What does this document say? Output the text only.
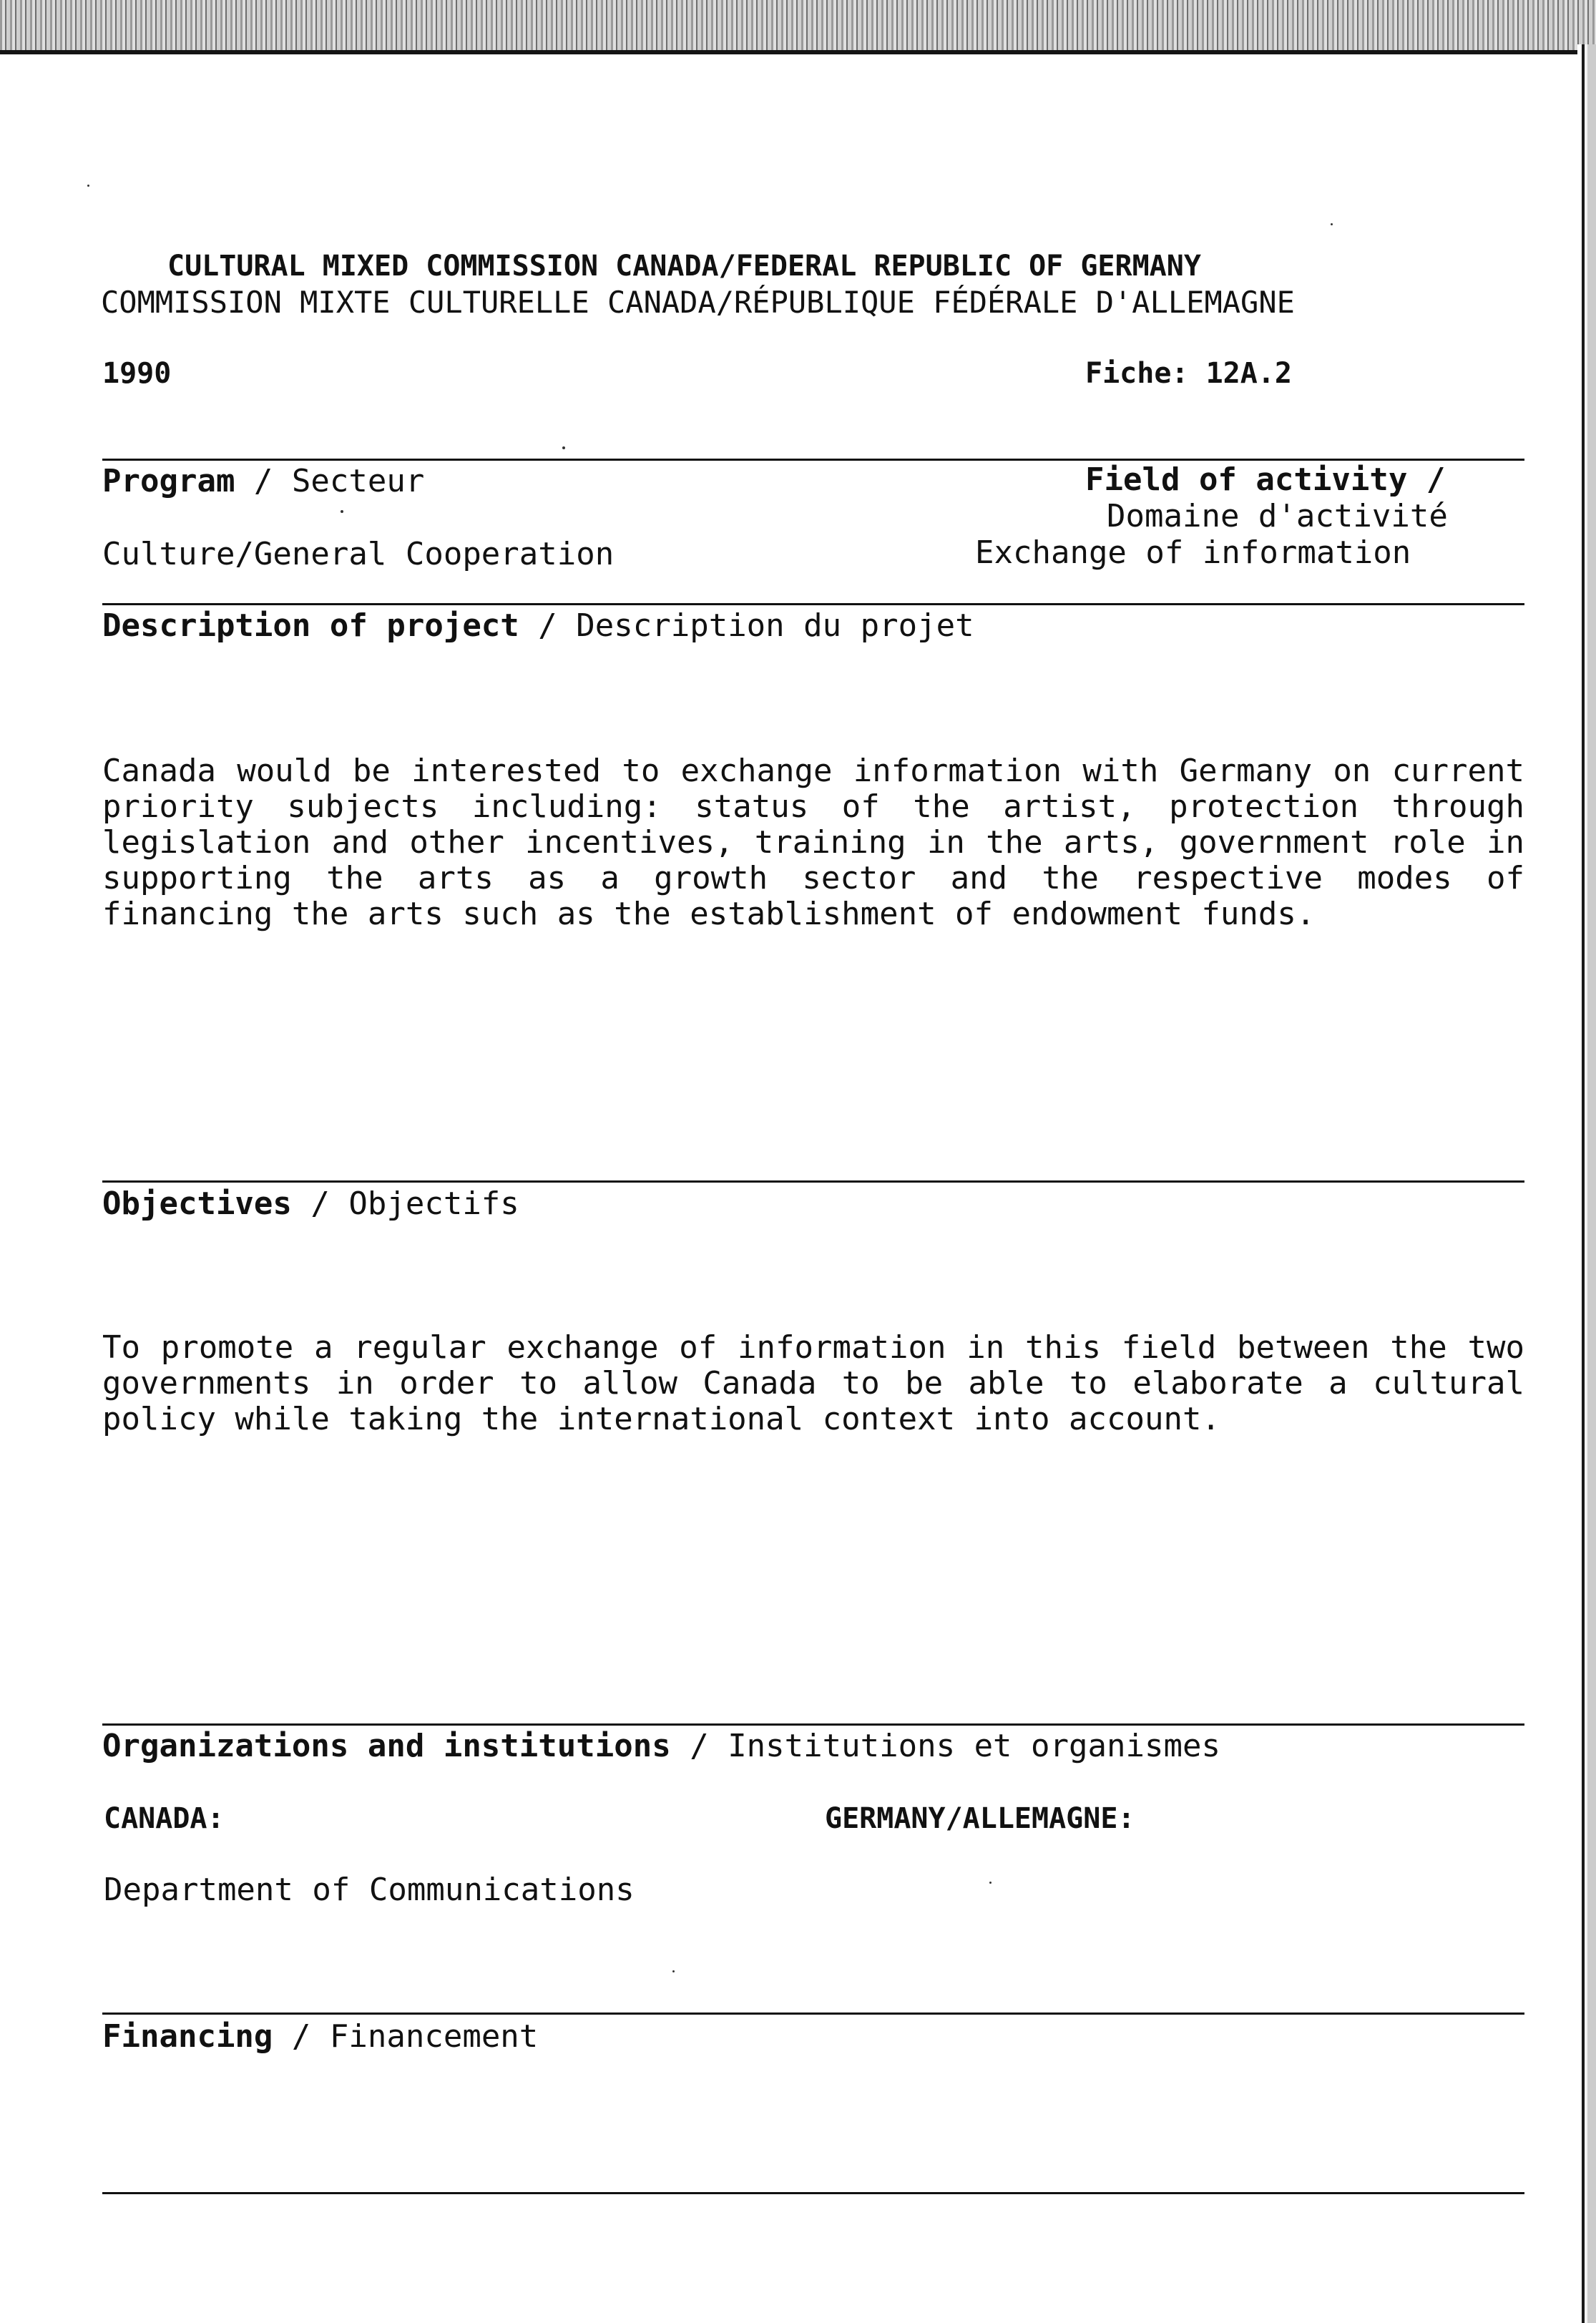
CULTURAL MIXED COMMISSION CANADA/FEDERAL REPUBLIC OF GERMANY
COMMISSION MIXTE CULTURELLE CANADA/RÉPUBLIQUE FÉDÉRALE D'ALLEMAGNE
1990	Fiche: 12A.2
Program / Secteur	Field of activity /
Domaine d'activité
Culture/General Cooperation	Exchange of information
Description of project / Description du projet
Canada would be interested to exchange information with Germany on current priority subjects including: status of the artist, protection through legislation and other incentives, training in the arts, government role in supporting the arts as a growth sector and the respective modes of financing the arts such as the establishment of endowment funds.
Objectives / Objectifs
To promote a regular exchange of information in this field between the two governments in order to allow Canada to be able to elaborate a cultural policy while taking the international context into account.
Organizations and institutions / Institutions et organismes
CANADA:	GERMANY/ALLEMAGNE:
Department of Communications
Financing / Financement
